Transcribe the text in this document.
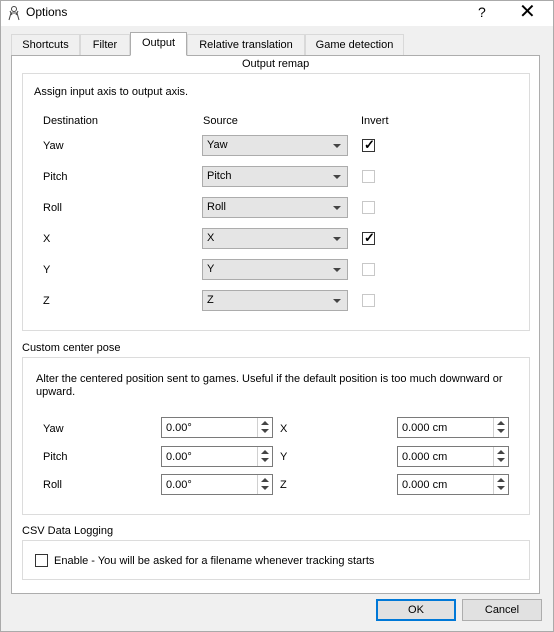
Options	? ✕
Shortcuts	Filter	Output	Relative translation	Game detection
Output remap
Assign input axis to output axis.
Destination	Source	Invert
Yaw	Yaw	✓
Pitch	Pitch
Roll	Roll
X	X	✓
Y	Y
Z	Z
Custom center pose
Alter the centered position sent to games. Useful if the default position is too much downward or upward.
Yaw	0.00°	X	0.000 cm
Pitch	0.00°	Y	0.000 cm
Roll	0.00°	Z	0.000 cm
CSV Data Logging
Enable - You will be asked for a filename whenever tracking starts
OK	Cancel
